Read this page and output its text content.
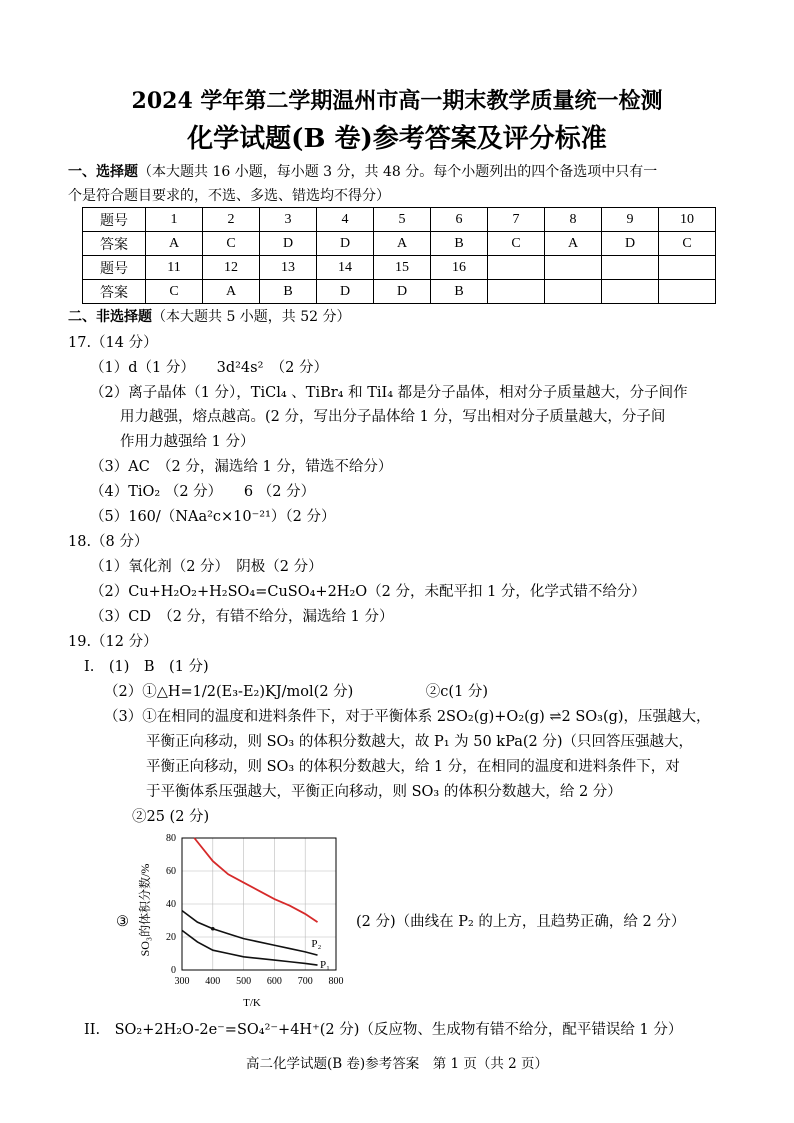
2024 学年第二学期温州市高一期末教学质量统一检测
化学试题(B 卷)参考答案及评分标准
一、选择题（本大题共 16 小题，每小题 3 分，共 48 分。每个小题列出的四个备选项中只有一
个是符合题目要求的，不选、多选、错选均不得分）
题号	1	2	3	4	5	6	7	8	9	10
答案	A	C	D	D	A	B	C	A	D	C
题号	11	12	13	14	15	16				
答案	C	A	B	D	D	B				
二、非选择题（本大题共 5 小题，共 52 分）
17.（14 分）
（1）d（1 分）　　3d²4s²　（2 分）
（2）离子晶体（1 分），TiCl₄ 、TiBr₄ 和 TiI₄ 都是分子晶体，相对分子质量越大，分子间作
用力越强，熔点越高。(2 分，写出分子晶体给 1 分，写出相对分子质量越大，分子间
作用力越强给 1 分）
（3）AC　（2 分，漏选给 1 分，错选不给分）
（4）TiO₂ （2 分）　　6 （2 分）
（5）160/（NAa²c×10⁻²¹）（2 分）
18.（8 分）
（1）氧化剂（2 分）　阴极（2 分）
（2）Cu+H₂O₂+H₂SO₄=CuSO₄+2H₂O（2 分，未配平扣 1 分，化学式错不给分）
（3）CD　（2 分，有错不给分，漏选给 1 分）
19.（12 分）
I.　(1)　B　(1 分)
（2）①△H=1/2(E₃-E₂)KJ/mol(2 分)　　　　　②c(1 分)
（3）①在相同的温度和进料条件下，对于平衡体系 2SO₂(g)+O₂(g) ⇌2 SO₃(g)，压强越大，
平衡正向移动，则 SO₃ 的体积分数越大，故 P₁ 为 50 kPa(2 分)（只回答压强越大，
平衡正向移动，则 SO₃ 的体积分数越大，给 1 分，在相同的温度和进料条件下，对
于平衡体系压强越大，平衡正向移动，则 SO₃ 的体积分数越大，给 2 分）
②25 (2 分)
③	(2 分)（曲线在 P₂ 的上方，且趋势正确，给 2 分）
SO₃的体积分数/%
T/K
300 400 500 600 700 800
0
20
40
60
80
P₂
P₁
II.　SO₂+2H₂O-2e⁻=SO₄²⁻+4H⁺(2 分)（反应物、生成物有错不给分，配平错误给 1 分）
高二化学试题(B 卷)参考答案　第 1 页（共 2 页）
